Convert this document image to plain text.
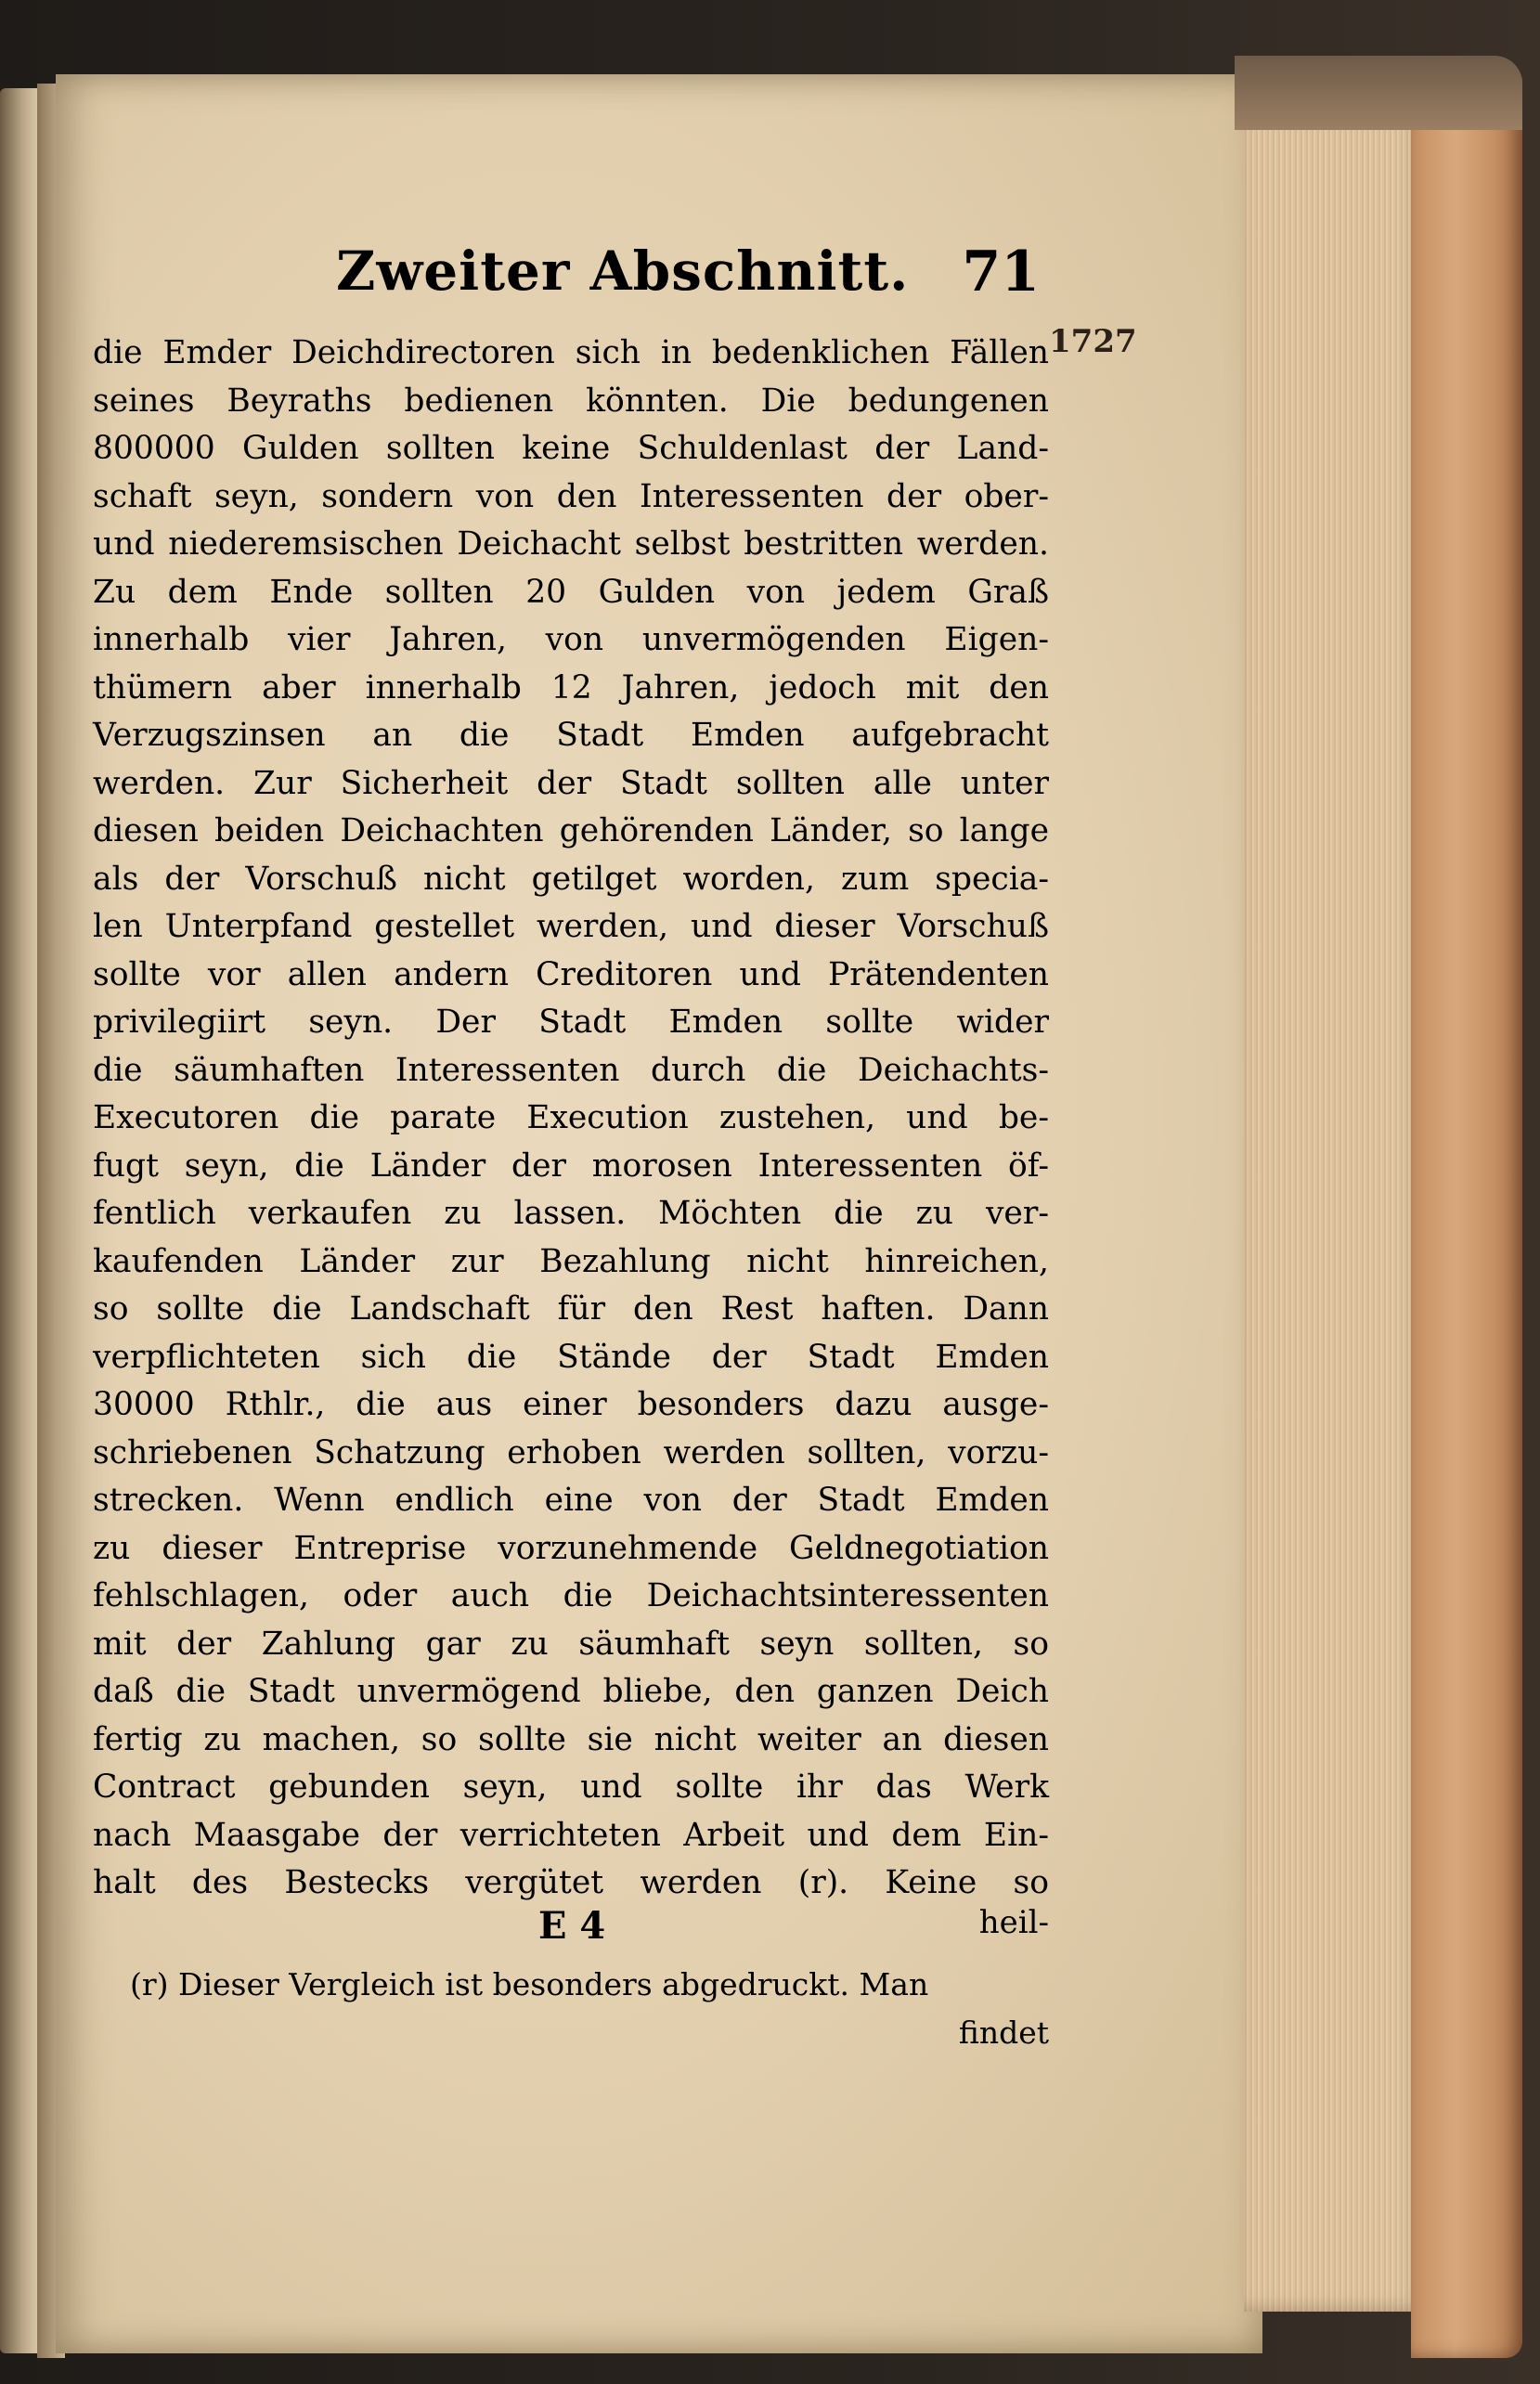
Zweiter Abschnitt. 71
1727
die Emder Deichdirectoren sich in bedenklichen Fällen
seines Beyraths bedienen könnten. Die bedungenen
800000 Gulden sollten keine Schuldenlast der Land-
schaft seyn, sondern von den Interessenten der ober-
und niederemsischen Deichacht selbst bestritten werden.
Zu dem Ende sollten 20 Gulden von jedem Graß
innerhalb vier Jahren, von unvermögenden Eigen-
thümern aber innerhalb 12 Jahren, jedoch mit den
Verzugszinsen an die Stadt Emden aufgebracht
werden. Zur Sicherheit der Stadt sollten alle unter
diesen beiden Deichachten gehörenden Länder, so lange
als der Vorschuß nicht getilget worden, zum specia-
len Unterpfand gestellet werden, und dieser Vorschuß
sollte vor allen andern Creditoren und Prätendenten
privilegiirt seyn. Der Stadt Emden sollte wider
die säumhaften Interessenten durch die Deichachts-
Executoren die parate Execution zustehen, und be-
fugt seyn, die Länder der morosen Interessenten öf-
fentlich verkaufen zu lassen. Möchten die zu ver-
kaufenden Länder zur Bezahlung nicht hinreichen,
so sollte die Landschaft für den Rest haften. Dann
verpflichteten sich die Stände der Stadt Emden
30000 Rthlr., die aus einer besonders dazu ausge-
schriebenen Schatzung erhoben werden sollten, vorzu-
strecken. Wenn endlich eine von der Stadt Emden
zu dieser Entreprise vorzunehmende Geldnegotiation
fehlschlagen, oder auch die Deichachtsinteressenten
mit der Zahlung gar zu säumhaft seyn sollten, so
daß die Stadt unvermögend bliebe, den ganzen Deich
fertig zu machen, so sollte sie nicht weiter an diesen
Contract gebunden seyn, und sollte ihr das Werk
nach Maasgabe der verrichteten Arbeit und dem Ein-
halt des Bestecks vergütet werden (r). Keine so
E 4	heil-
(r) Dieser Vergleich ist besonders abgedruckt. Man
findet
